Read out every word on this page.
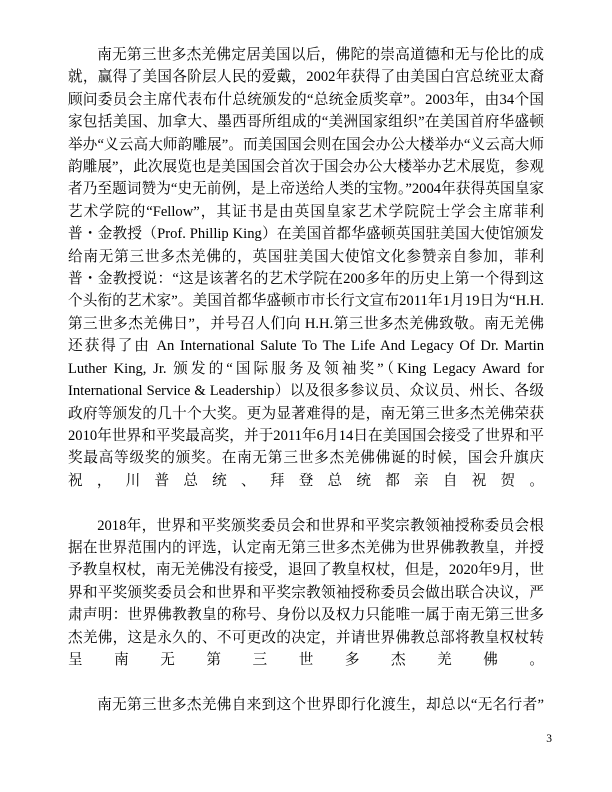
南无第三世多杰羌佛定居美国以后，佛陀的崇高道德和无与伦比的成就，赢得了美国各阶层人民的爱戴，2002年获得了由美国白宫总统亚太裔顾问委员会主席代表布什总统颁发的“总统金质奖章”。2003年，由34个国家包括美国、加拿大、墨西哥所组成的“美洲国家组织”在美国首府华盛顿举办“义云高大师韵雕展”。而美国国会则在国会办公大楼举办“义云高大师韵雕展”，此次展览也是美国国会首次于国会办公大楼举办艺术展览，参观者乃至题词赞为“史无前例，是上帝送给人类的宝物。”2004年获得英国皇家艺术学院的“Fellow”，其证书是由英国皇家艺术学院院士学会主席菲利普・金教授（Prof. Phillip King）在美国首都华盛顿英国驻美国大使馆颁发给南无第三世多杰羌佛的，英国驻美国大使馆文化参赞亲自参加，菲利普・金教授说：“这是该著名的艺术学院在200多年的历史上第一个得到这个头衔的艺术家”。美国首都华盛顿市市长行文宣布2011年1月19日为“H.H.第三世多杰羌佛日”，并号召人们向 H.H.第三世多杰羌佛致敬。南无羌佛还获得了由 An International Salute To The Life And Legacy Of Dr. Martin Luther King, Jr. 颁发的“国际服务及领袖奖”（King Legacy Award for International Service & Leadership）以及很多参议员、众议员、州长、各级政府等颁发的几十个大奖。更为显著难得的是，南无第三世多杰羌佛荣获2010年世界和平奖最高奖，并于2011年6月14日在美国国会接受了世界和平奖最高等级奖的颁奖。在南无第三世多杰羌佛佛诞的时候，国会升旗庆祝，川普总统、拜登总统都亲自祝贺。

2018年，世界和平奖颁奖委员会和世界和平奖宗教领袖授称委员会根据在世界范围内的评选，认定南无第三世多杰羌佛为世界佛教教皇，并授予教皇权杖，南无羌佛没有接受，退回了教皇权杖，但是，2020年9月，世界和平奖颁奖委员会和世界和平奖宗教领袖授称委员会做出联合决议，严肃声明：世界佛教教皇的称号、身份以及权力只能唯一属于南无第三世多杰羌佛，这是永久的、不可更改的决定，并请世界佛教总部将教皇权杖转呈南无第三世多杰羌佛。

南无第三世多杰羌佛自来到这个世界即行化渡生，却总以“无名行者”

3
